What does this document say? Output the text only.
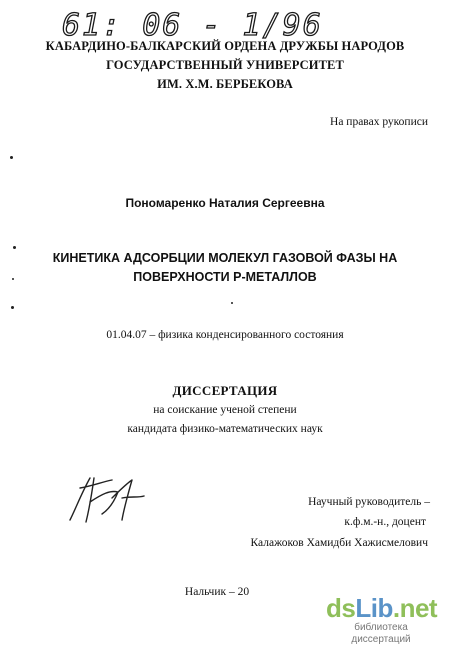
61: 06 - 1/96
КАБАРДИНО-БАЛКАРСКИЙ ОРДЕНА ДРУЖБЫ НАРОДОВ
ГОСУДАРСТВЕННЫЙ УНИВЕРСИТЕТ
ИМ. Х.М. БЕРБЕКОВА
На правах рукописи
Пономаренко Наталия Сергеевна
КИНЕТИКА АДСОРБЦИИ МОЛЕКУЛ ГАЗОВОЙ ФАЗЫ НА
ПОВЕРХНОСТИ Р-МЕТАЛЛОВ
01.04.07 – физика конденсированного состояния
ДИССЕРТАЦИЯ
на соискание ученой степени
кандидата физико-математических наук
Научный руководитель –
к.ф.м.-н., доцент
Калажоков Хамидби Хажисмелович
Нальчик – 20
dsLib.net
библиотека диссертаций
